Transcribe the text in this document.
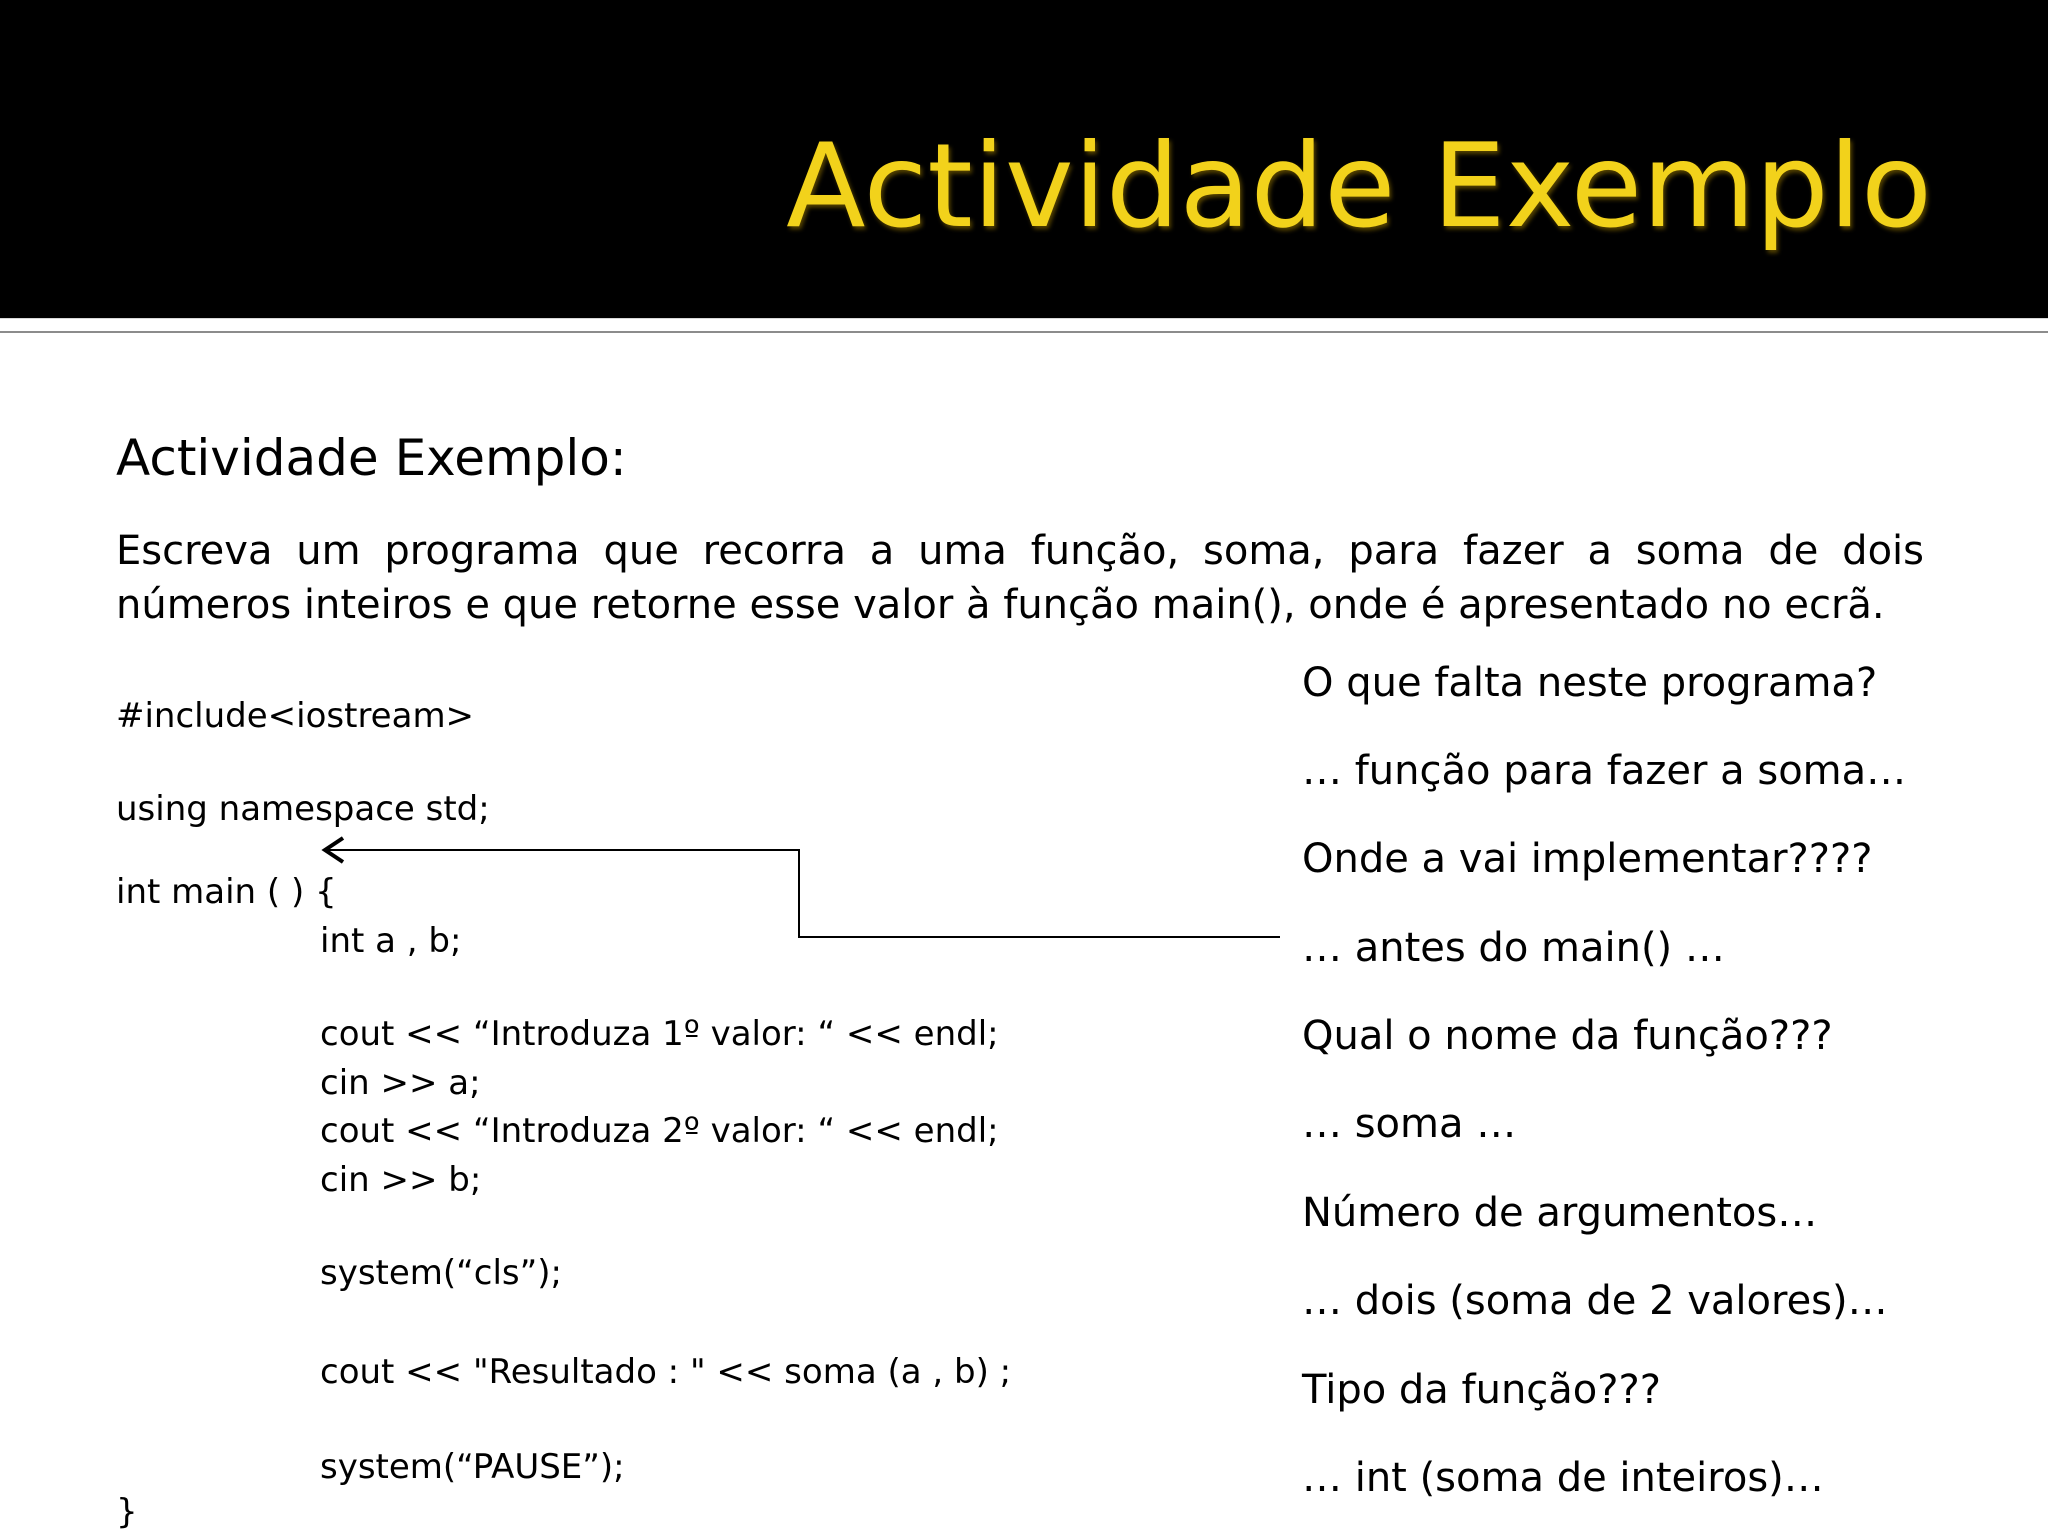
Actividade Exemplo
Actividade Exemplo:
Escreva um programa que recorra a uma função, soma, para fazer a soma de dois números inteiros e que retorne esse valor à função main(), onde é apresentado no ecrã.
#include<iostream>
using namespace std;
int main ( ) {
int a , b;
cout << “Introduza 1º valor: “ << endl;
cin >> a;
cout << “Introduza 2º valor: “ << endl;
cin >> b;
system(“cls”);
cout << "Resultado : " << soma (a , b) ;
system(“PAUSE”);
}
O que falta neste programa?
… função para fazer a soma…
Onde a vai implementar????
… antes do main() …
Qual o nome da função???
… soma …
Número de argumentos…
… dois (soma de 2 valores)…
Tipo da função???
… int (soma de inteiros)…
